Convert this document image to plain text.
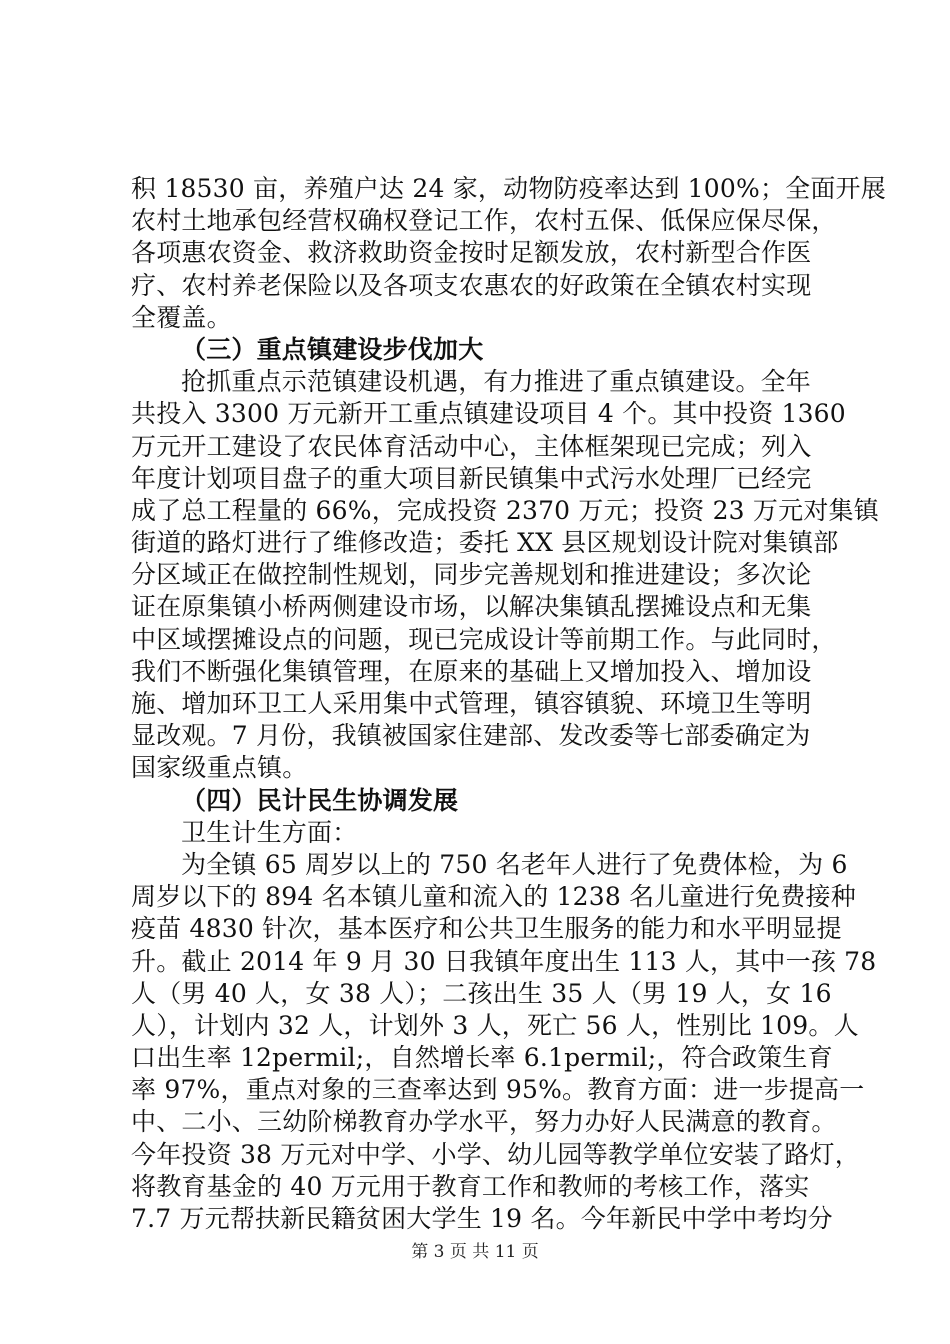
积 18530 亩，养殖户达 24 家，动物防疫率达到 100%；全面开展
农村土地承包经营权确权登记工作，农村五保、低保应保尽保，
各项惠农资金、救济救助资金按时足额发放，农村新型合作医
疗、农村养老保险以及各项支农惠农的好政策在全镇农村实现
全覆盖。
（三）重点镇建设步伐加大
抢抓重点示范镇建设机遇，有力推进了重点镇建设。全年
共投入 3300 万元新开工重点镇建设项目 4 个。其中投资 1360
万元开工建设了农民体育活动中心，主体框架现已完成；列入
年度计划项目盘子的重大项目新民镇集中式污水处理厂已经完
成了总工程量的 66%，完成投资 2370 万元；投资 23 万元对集镇
街道的路灯进行了维修改造；委托 XX 县区规划设计院对集镇部
分区域正在做控制性规划，同步完善规划和推进建设；多次论
证在原集镇小桥两侧建设市场，以解决集镇乱摆摊设点和无集
中区域摆摊设点的问题，现已完成设计等前期工作。与此同时，
我们不断强化集镇管理，在原来的基础上又增加投入、增加设
施、增加环卫工人采用集中式管理，镇容镇貌、环境卫生等明
显改观。7 月份，我镇被国家住建部、发改委等七部委确定为
国家级重点镇。
（四）民计民生协调发展
卫生计生方面：
为全镇 65 周岁以上的 750 名老年人进行了免费体检，为 6
周岁以下的 894 名本镇儿童和流入的 1238 名儿童进行免费接种
疫苗 4830 针次，基本医疗和公共卫生服务的能力和水平明显提
升。截止 2014 年 9 月 30 日我镇年度出生 113 人，其中一孩 78
人（男 40 人，女 38 人）；二孩出生 35 人（男 19 人，女 16
人），计划内 32 人，计划外 3 人，死亡 56 人，性别比 109。人
口出生率 12permil;，自然增长率 6.1permil;，符合政策生育
率 97%，重点对象的三查率达到 95%。教育方面：进一步提高一
中、二小、三幼阶梯教育办学水平，努力办好人民满意的教育。
今年投资 38 万元对中学、小学、幼儿园等教学单位安装了路灯，
将教育基金的 40 万元用于教育工作和教师的考核工作，落实
7.7 万元帮扶新民籍贫困大学生 19 名。今年新民中学中考均分
第 3 页 共 11 页
